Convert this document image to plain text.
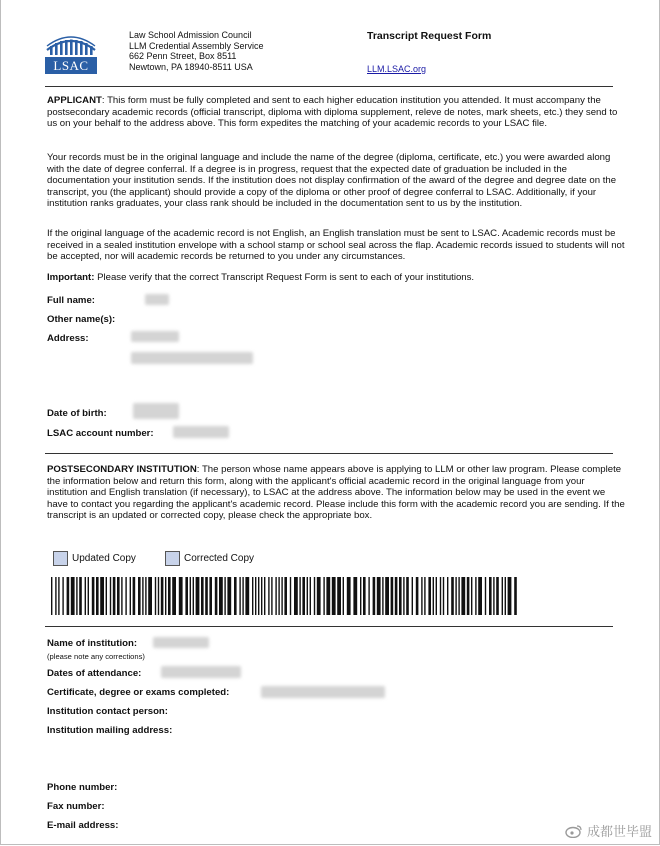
LSAC
Law School Admission Council
LLM Credential Assembly Service
662 Penn Street, Box 8511
Newtown, PA 18940-8511 USA
Transcript Request Form
LLM.LSAC.org
APPLICANT: This form must be fully completed and sent to each higher education institution you attended. It must accompany the postsecondary academic records (official transcript, diploma with diploma supplement, releve de notes, mark sheets, etc.) they send to us on your behalf to the address above. This form expedites the matching of your academic records to your LSAC file.
Your records must be in the original language and include the name of the degree (diploma, certificate, etc.) you were awarded along with the date of degree conferral. If a degree is in progress, request that the expected date of graduation be included in the documentation your institution sends. If the institution does not display confirmation of the award of the degree and degree date on the transcript, you (the applicant) should provide a copy of the diploma or other proof of degree conferral to LSAC. Additionally, if your institution ranks graduates, your class rank should be included in the documentation sent to us by the institution.
If the original language of the academic record is not English, an English translation must be sent to LSAC. Academic records must be received in a sealed institution envelope with a school stamp or school seal across the flap. Academic records issued to students will not be accepted, nor will academic records be returned to you under any circumstances.
Important: Please verify that the correct Transcript Request Form is sent to each of your institutions.
Full name:
Other name(s):
Address:
Date of birth:
LSAC account number:
POSTSECONDARY INSTITUTION: The person whose name appears above is applying to LLM or other law program. Please complete the information below and return this form, along with the applicant's official academic record in the original language from your institution and English translation (if necessary), to LSAC at the address above. The information below may be used in the event we have to contact you regarding the applicant's academic record. Please include this form with the academic record you are sending. If the transcript is an updated or corrected copy, please check the appropriate box.
Updated Copy	Corrected Copy
Name of institution:
(please note any corrections)
Dates of attendance:
Certificate, degree or exams completed:
Institution contact person:
Institution mailing address:
Phone number:
Fax number:
E-mail address:	成都世毕盟
